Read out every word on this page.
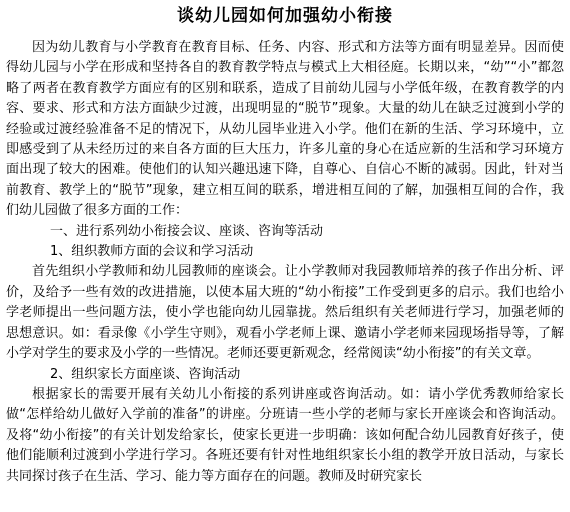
谈幼儿园如何加强幼小衔接

因为幼儿教育与小学教育在教育目标、任务、内容、形式和方法等方面有明显差异。因而使得幼儿园与小学在形成和坚持各自的教育教学特点与模式上大相径庭。长期以来，“幼”“小”都忽略了两者在教育教学方面应有的区别和联系，造成了目前幼儿园与小学低年级，在教育教学的内容、要求、形式和方法方面缺少过渡，出现明显的“脱节”现象。大量的幼儿在缺乏过渡到小学的经验或过渡经验准备不足的情况下，从幼儿园毕业进入小学。他们在新的生活、学习环境中，立即感受到了从未经历过的来自各方面的巨大压力，许多儿童的身心在适应新的生活和学习环境方面出现了较大的困难。使他们的认知兴趣迅速下降，自尊心、自信心不断的减弱。因此，针对当前教育、教学上的“脱节”现象，建立相互间的联系，增进相互间的了解，加强相互间的合作，我们幼儿园做了很多方面的工作：

一、进行系列幼小衔接会议、座谈、咨询等活动

1、组织教师方面的会议和学习活动

首先组织小学教师和幼儿园教师的座谈会。让小学教师对我园教师培养的孩子作出分析、评价，及给予一些有效的改进措施，以使本届大班的“幼小衔接”工作受到更多的启示。我们也给小学老师提出一些问题方法，使小学也能向幼儿园靠拢。然后组织有关老师进行学习，加强老师的思想意识。如：看录像《小学生守则》，观看小学老师上课、邀请小学老师来园现场指导等，了解小学对学生的要求及小学的一些情况。老师还要更新观念，经常阅读“幼小衔接”的有关文章。

2、组织家长方面座谈、咨询活动

根据家长的需要开展有关幼儿小衔接的系列讲座或咨询活动。如：请小学优秀教师给家长做“怎样给幼儿做好入学前的准备”的讲座。分班请一些小学的老师与家长开座谈会和咨询活动。及将“幼小衔接”的有关计划发给家长，使家长更进一步明确：该如何配合幼儿园教育好孩子，使他们能顺利过渡到小学进行学习。各班还要有针对性地组织家长小组的教学开放日活动，与家长共同探讨孩子在生活、学习、能力等方面存在的问题。教师及时研究家长
